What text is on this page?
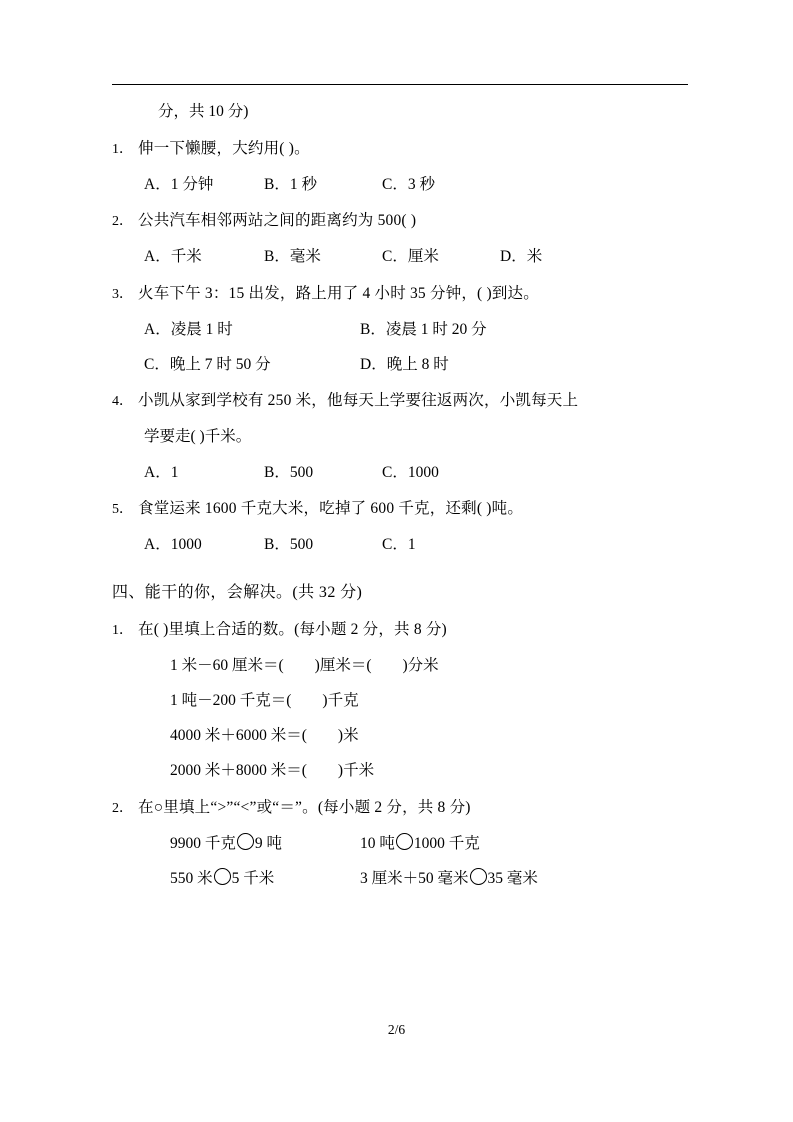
分，共 10 分)
1． 伸一下懒腰，大约用( )。
A．1 分钟	B．1 秒	C．3 秒
2． 公共汽车相邻两站之间的距离约为 500( )
A．千米	B．毫米	C．厘米	D．米
3． 火车下午 3：15 出发，路上用了 4 小时 35 分钟，( )到达。
A．凌晨 1 时	B．凌晨 1 时 20 分
C．晚上 7 时 50 分	D．晚上 8 时
4． 小凯从家到学校有 250 米，他每天上学要往返两次，小凯每天上
学要走( )千米。
A．1	B．500	C．1000
5． 食堂运来 1600 千克大米，吃掉了 600 千克，还剩( )吨。
A．1000	B．500	C．1
四、能干的你，会解决。(共 32 分)
1． 在( )里填上合适的数。(每小题 2 分，共 8 分)
1 米－60 厘米＝(        )厘米＝(        )分米
1 吨－200 千克＝(        )千克
4000 米＋6000 米＝(        )米
2000 米＋8000 米＝(        )千米
2． 在○里填上“>”“<”或“＝”。(每小题 2 分，共 8 分)
9900 千克 9 吨	10 吨 1000 千克
550 米 5 千米	3 厘米＋50 毫米 35 毫米
2/6
